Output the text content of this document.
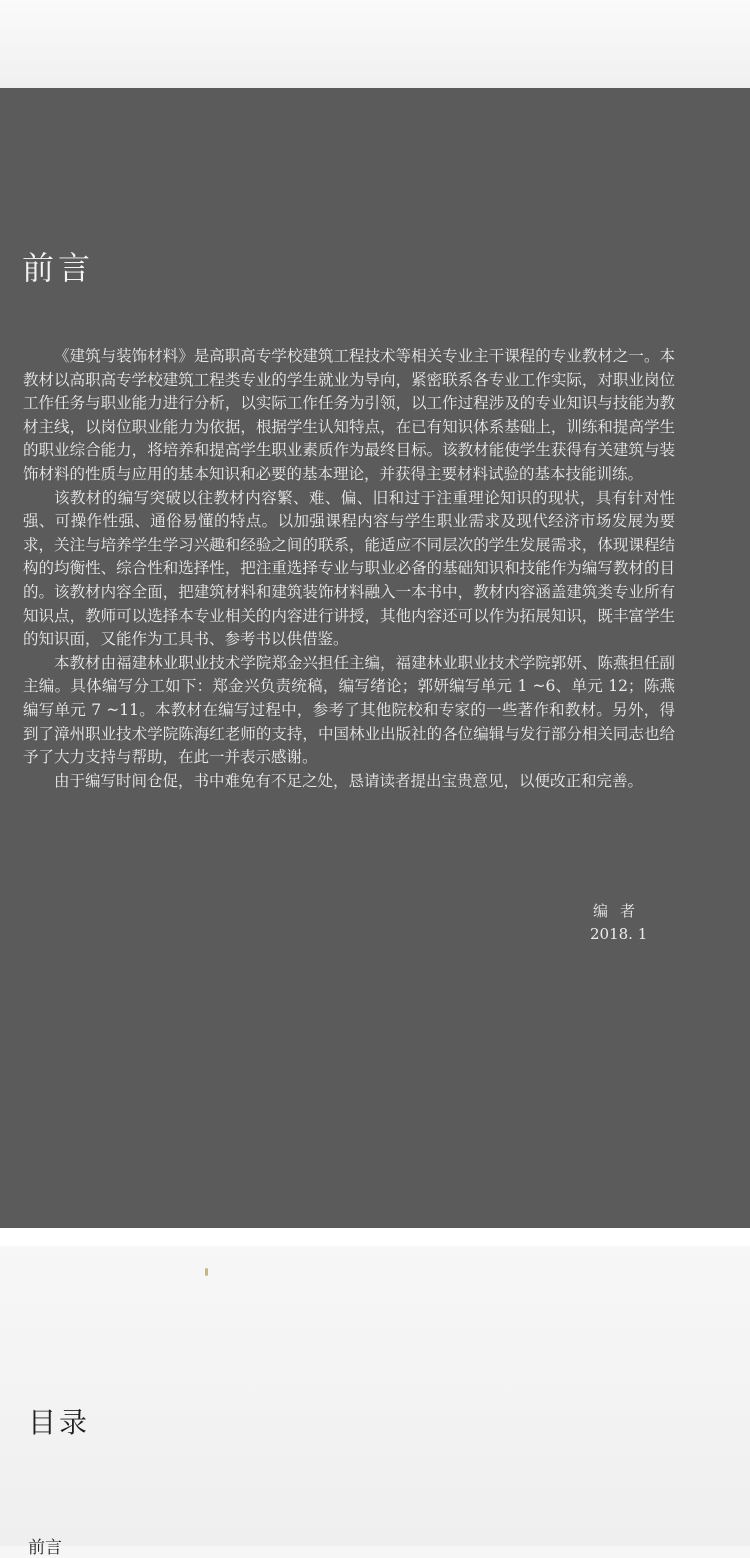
前言

《建筑与装饰材料》是高职高专学校建筑工程技术等相关专业主干课程的专业教材之一。本教材以高职高专学校建筑工程类专业的学生就业为导向，紧密联系各专业工作实际，对职业岗位工作任务与职业能力进行分析，以实际工作任务为引领，以工作过程涉及的专业知识与技能为教材主线，以岗位职业能力为依据，根据学生认知特点，在已有知识体系基础上，训练和提高学生的职业综合能力，将培养和提高学生职业素质作为最终目标。该教材能使学生获得有关建筑与装饰材料的性质与应用的基本知识和必要的基本理论，并获得主要材料试验的基本技能训练。

该教材的编写突破以往教材内容繁、难、偏、旧和过于注重理论知识的现状，具有针对性强、可操作性强、通俗易懂的特点。以加强课程内容与学生职业需求及现代经济市场发展为要求，关注与培养学生学习兴趣和经验之间的联系，能适应不同层次的学生发展需求，体现课程结构的均衡性、综合性和选择性，把注重选择专业与职业必备的基础知识和技能作为编写教材的目的。该教材内容全面，把建筑材料和建筑装饰材料融入一本书中，教材内容涵盖建筑类专业所有知识点，教师可以选择本专业相关的内容进行讲授，其他内容还可以作为拓展知识，既丰富学生的知识面，又能作为工具书、参考书以供借鉴。

本教材由福建林业职业技术学院郑金兴担任主编，福建林业职业技术学院郭妍、陈燕担任副主编。具体编写分工如下：郑金兴负责统稿，编写绪论；郭妍编写单元 1 ~6、单元 12；陈燕编写单元 7 ~11。本教材在编写过程中，参考了其他院校和专家的一些著作和教材。另外，得到了漳州职业技术学院陈海红老师的支持，中国林业出版社的各位编辑与发行部分相关同志也给予了大力支持与帮助，在此一并表示感谢。

由于编写时间仓促，书中难免有不足之处，恳请读者提出宝贵意见，以便改正和完善。

编者
2018. 1
目录
前言
